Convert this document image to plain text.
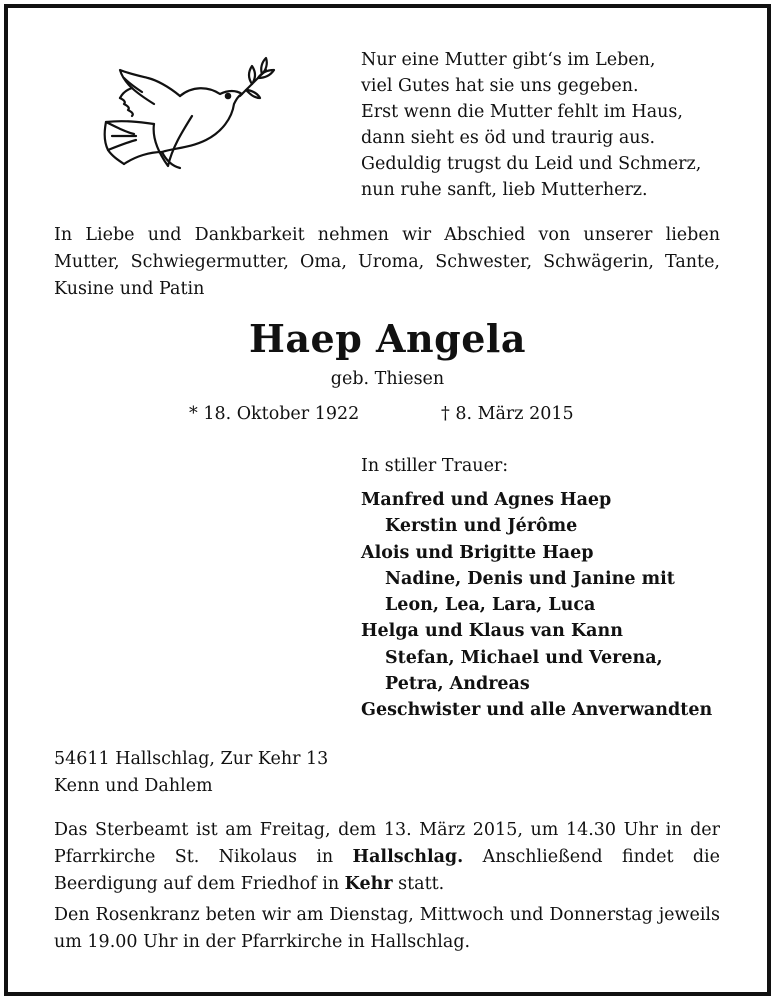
Nur eine Mutter gibt‘s im Leben,
viel Gutes hat sie uns gegeben.
Erst wenn die Mutter fehlt im Haus,
dann sieht es öd und traurig aus.
Geduldig trugst du Leid und Schmerz,
nun ruhe sanft, lieb Mutterherz.
In Liebe und Dankbarkeit nehmen wir Abschied von unserer lieben Mutter, Schwiegermutter, Oma, Uroma, Schwester, Schwägerin, Tante, Kusine und Patin
Haep Angela
geb. Thiesen
* 18. Oktober 1922	† 8. März 2015
In stiller Trauer:
Manfred und Agnes Haep
Kerstin und Jérôme
Alois und Brigitte Haep
Nadine, Denis und Janine mit
Leon, Lea, Lara, Luca
Helga und Klaus van Kann
Stefan, Michael und Verena,
Petra, Andreas
Geschwister und alle Anverwandten
54611 Hallschlag, Zur Kehr 13
Kenn und Dahlem
Das Sterbeamt ist am Freitag, dem 13. März 2015, um 14.30 Uhr in der Pfarrkirche St. Nikolaus in Hallschlag. Anschließend findet die Beerdigung auf dem Friedhof in Kehr statt.
Den Rosenkranz beten wir am Dienstag, Mittwoch und Donnerstag jeweils um 19.00 Uhr in der Pfarrkirche in Hallschlag.
